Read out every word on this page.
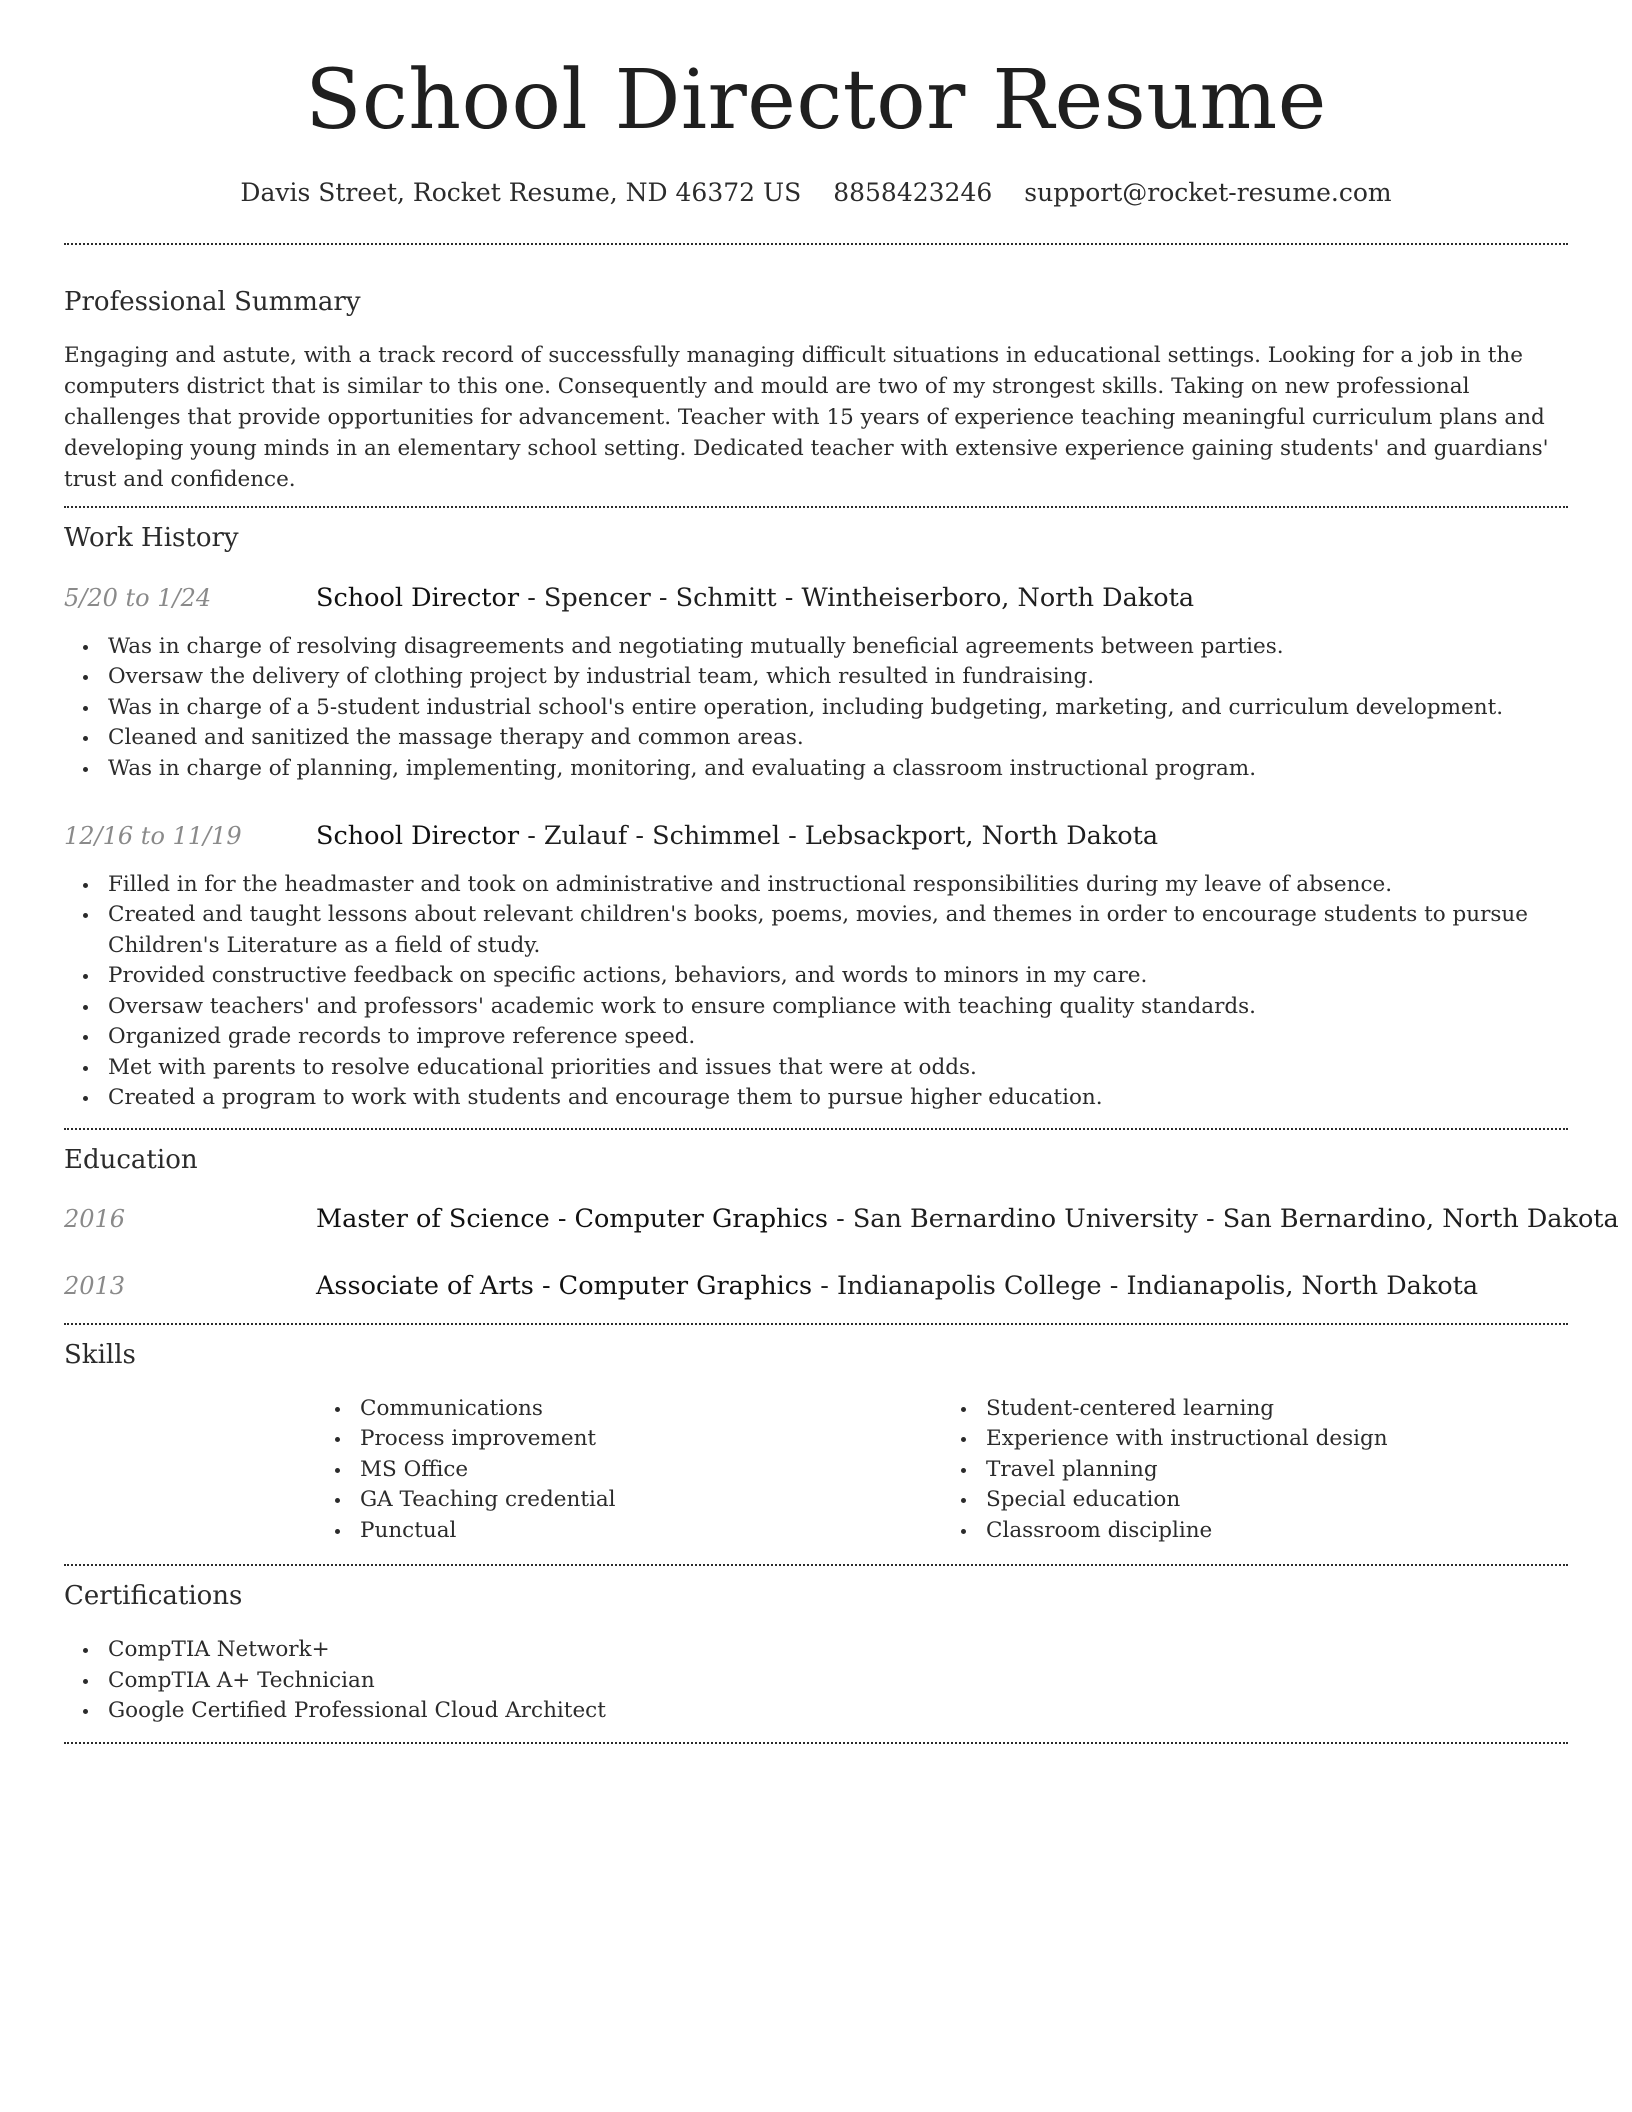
School Director Resume
Davis Street, Rocket Resume, ND 46372 US 8858423246 support@rocket-resume.com
Professional Summary

Engaging and astute, with a track record of successfully managing difficult situations in educational settings. Looking for a job in the computers district that is similar to this one. Consequently and mould are two of my strongest skills. Taking on new professional challenges that provide opportunities for advancement. Teacher with 15 years of experience teaching meaningful curriculum plans and developing young minds in an elementary school setting. Dedicated teacher with extensive experience gaining students' and guardians' trust and confidence.

Work History
5/20 to 1/24	School Director - Spencer - Schmitt - Wintheiserboro, North Dakota
Was in charge of resolving disagreements and negotiating mutually beneficial agreements between parties.
Oversaw the delivery of clothing project by industrial team, which resulted in fundraising.
Was in charge of a 5-student industrial school's entire operation, including budgeting, marketing, and curriculum development.
Cleaned and sanitized the massage therapy and common areas.
Was in charge of planning, implementing, monitoring, and evaluating a classroom instructional program.
12/16 to 11/19	School Director - Zulauf - Schimmel - Lebsackport, North Dakota
Filled in for the headmaster and took on administrative and instructional responsibilities during my leave of absence.
Created and taught lessons about relevant children's books, poems, movies, and themes in order to encourage students to pursue Children's Literature as a field of study.
Provided constructive feedback on specific actions, behaviors, and words to minors in my care.
Oversaw teachers' and professors' academic work to ensure compliance with teaching quality standards.
Organized grade records to improve reference speed.
Met with parents to resolve educational priorities and issues that were at odds.
Created a program to work with students and encourage them to pursue higher education.
Education
2016	Master of Science - Computer Graphics - San Bernardino University - San Bernardino, North Dakota
2013	Associate of Arts - Computer Graphics - Indianapolis College - Indianapolis, North Dakota
Skills
Communications
Process improvement
MS Office
GA Teaching credential
Punctual
Student-centered learning
Experience with instructional design
Travel planning
Special education
Classroom discipline
Certifications
CompTIA Network+
CompTIA A+ Technician
Google Certified Professional Cloud Architect
